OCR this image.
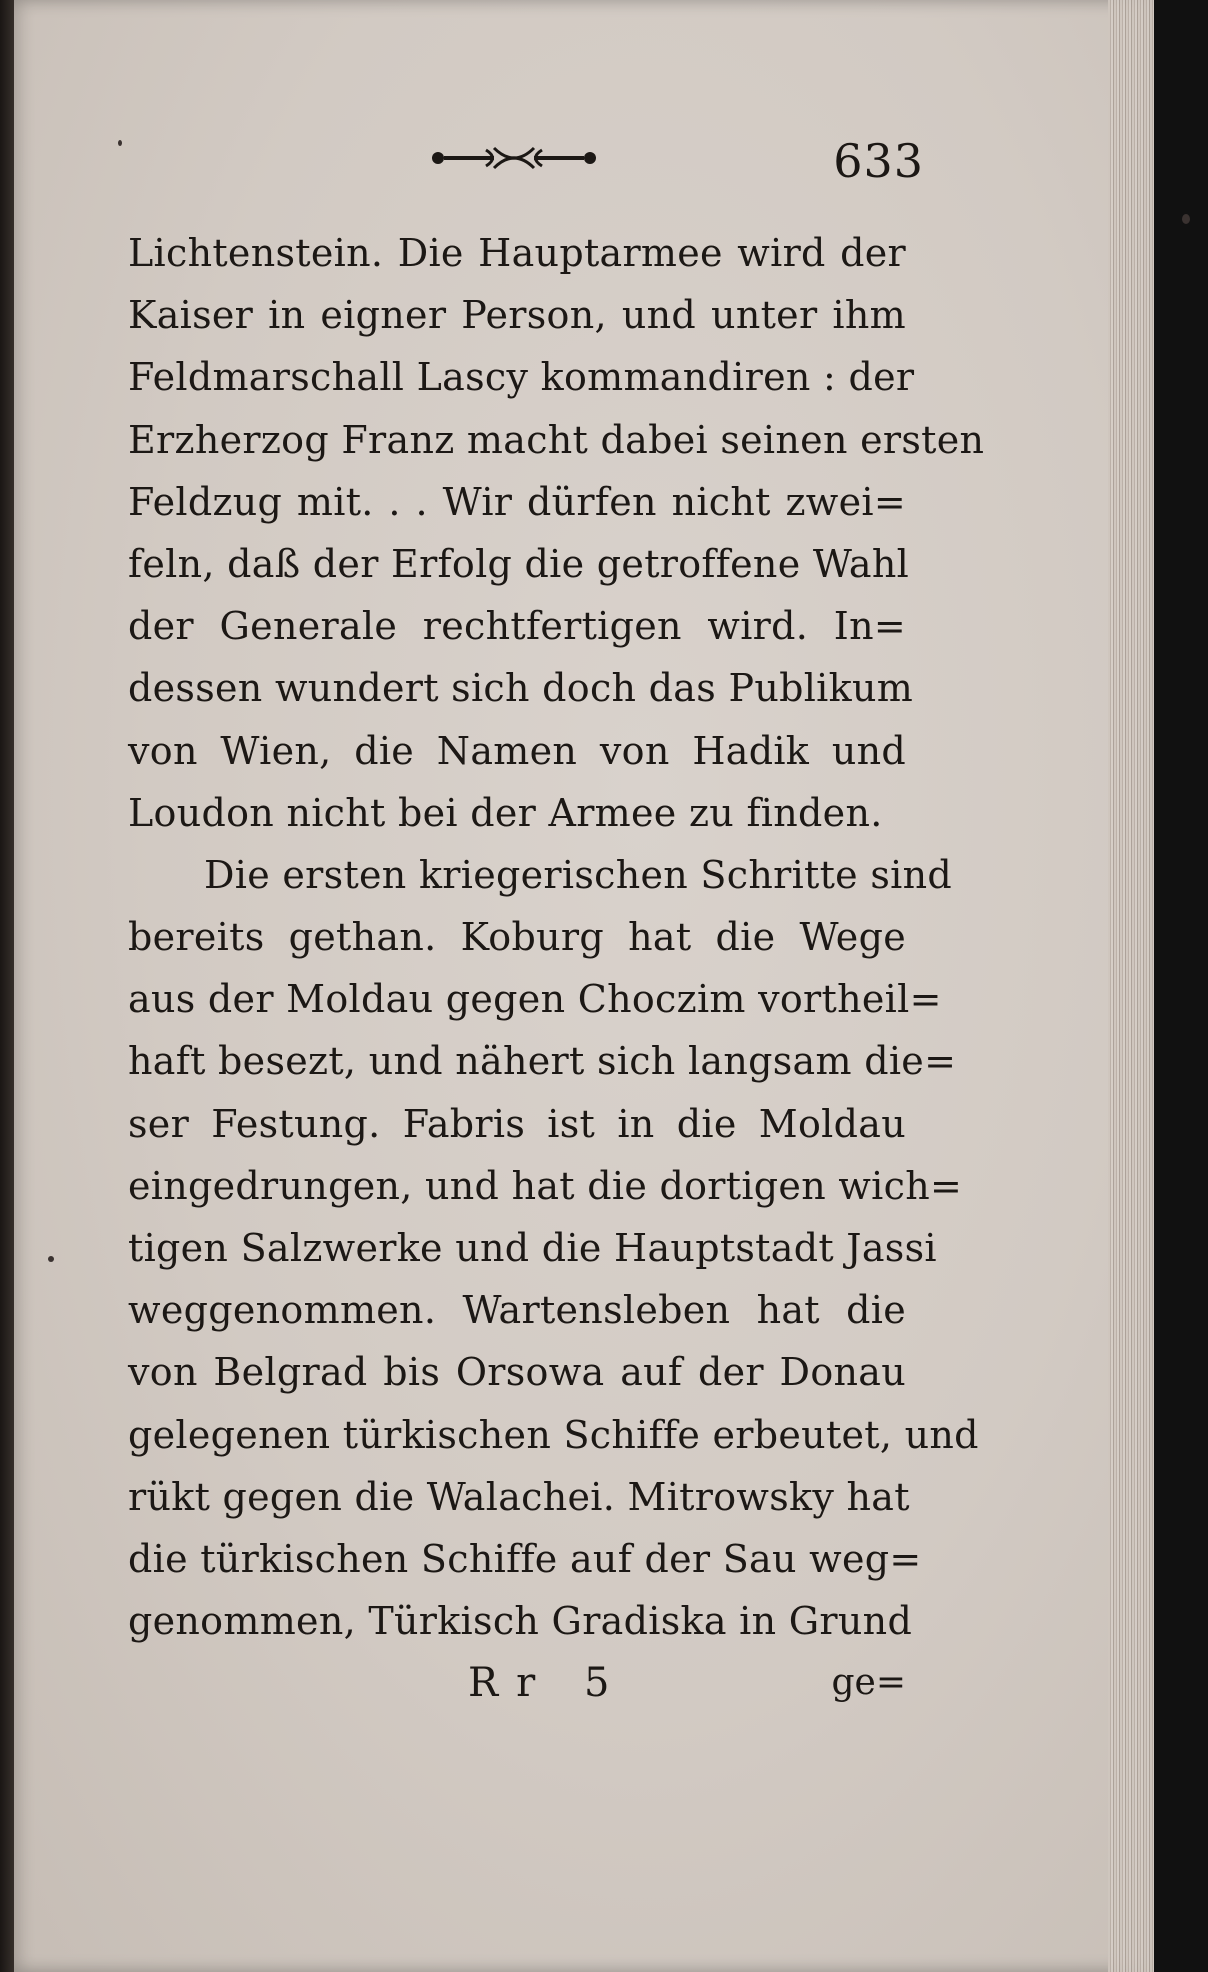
633
Lichtenstein. Die Hauptarmee wird der
Kaiser in eigner Person, und unter ihm
Feldmarschall Lascy kommandiren : der
Erzherzog Franz macht dabei seinen ersten
Feldzug mit. . . Wir dürfen nicht zwei=
feln, daß der Erfolg die getroffene Wahl
der Generale rechtfertigen wird. In=
dessen wundert sich doch das Publikum
von Wien, die Namen von Hadik und
Loudon nicht bei der Armee zu finden.
Die ersten kriegerischen Schritte sind
bereits gethan. Koburg hat die Wege
aus der Moldau gegen Choczim vortheil=
haft besezt, und nähert sich langsam die=
ser Festung. Fabris ist in die Moldau
eingedrungen, und hat die dortigen wich=
tigen Salzwerke und die Hauptstadt Jassi
weggenommen. Wartensleben hat die
von Belgrad bis Orsowa auf der Donau
gelegenen türkischen Schiffe erbeutet, und
rükt gegen die Walachei. Mitrowsky hat
die türkischen Schiffe auf der Sau weg=
genommen, Türkisch Gradiska in Grund
Rr 5	ge=
